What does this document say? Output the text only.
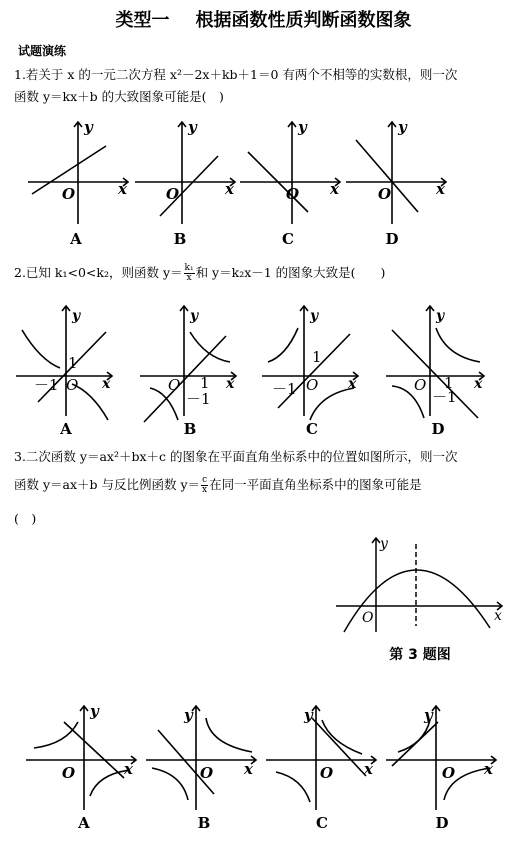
类型一 根据函数性质判断函数图象
试题演练
1.若关于 x 的一元二次方程 x²－2x＋kb＋1＝0 有两个不相等的实数根，则一次
函数 y＝kx＋b 的大致图象可能是(　)
x
y
O	x
y
O	x
y
O	x
y
O
A	B	C	D
2.已知 k₁<0<k₂，则函数 $y= \frac{\text{k₁}}{x}$ 和 y＝k₂x－1 的图象大致是(　　)
x
y
x
y
x
y
x
y
O	O	O	O
1
－1	1
－1
1
－1	1
－1
A	B	C	D
3.二次函数 y＝ax²＋bx＋c 的图象在平面直角坐标系中的位置如图所示，则一次
函数 y＝ax＋b 与反比例函数 $y= \frac{c}{x}$ 在同一平面直角坐标系中的图象可能是
(　)
y
x
O
第 3 题图
x
y
O	x
y
O	x
y
O	x
y
O
A	B	C	D
